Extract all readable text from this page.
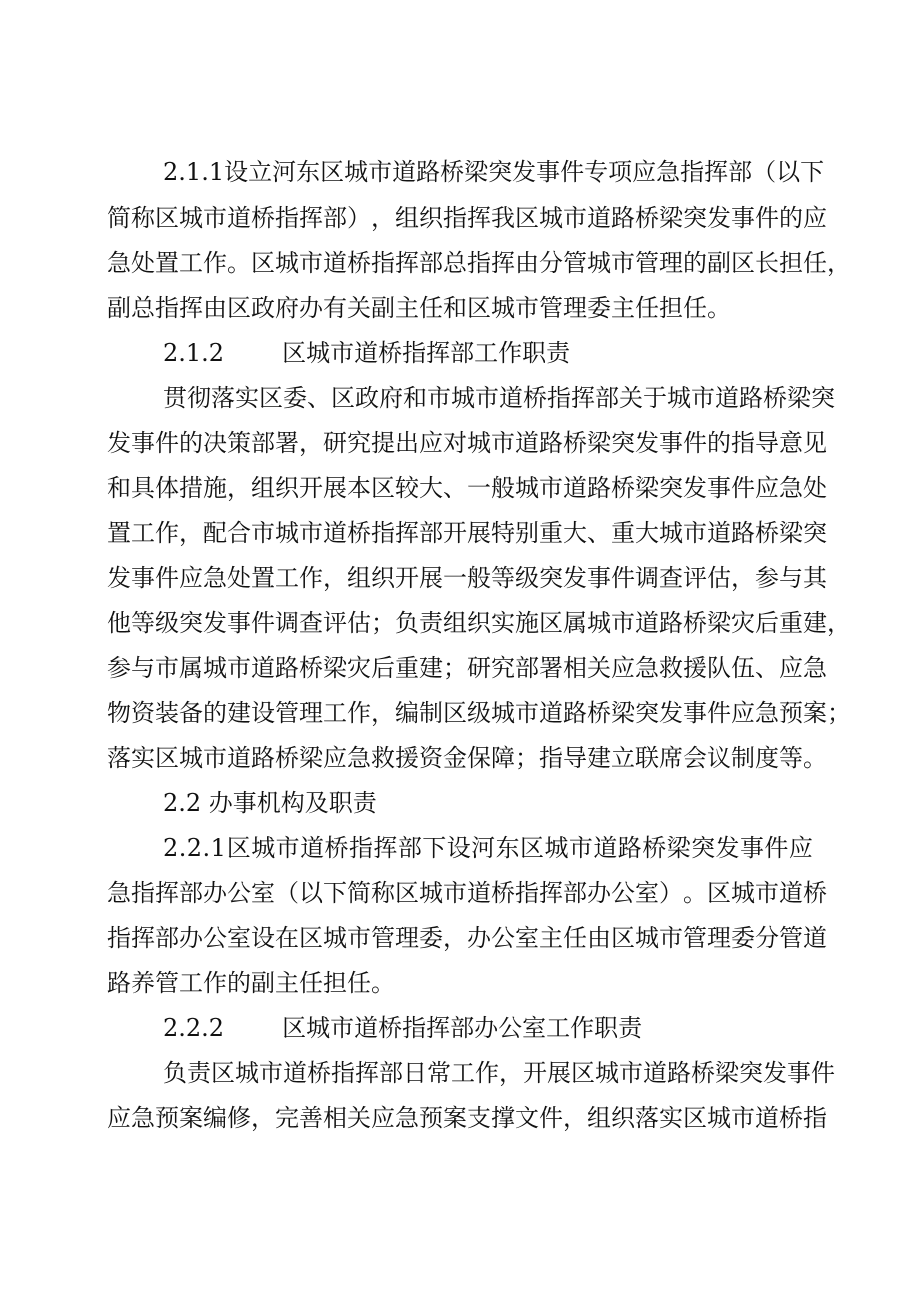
2 . 1 . 1 设 立 河 东 区 城 市 道 路 桥 梁 突 发 事 件 专 项 应 急 指 挥 部 （ 以 下
简 称 区 城 市 道 桥 指 挥 部 ） ， 组 织 指 挥 我 区 城 市 道 路 桥 梁 突 发 事 件 的 应
急 处 置 工 作 。 区 城 市 道 桥 指 挥 部 总 指 挥 由 分 管 城 市 管 理 的 副 区 长 担 任 ，
副总指挥由区政府办有关副主任和区城市管理委主任担任。
2.1.2 区城市道桥指挥部工作职责
贯 彻 落 实 区 委 、 区 政 府 和 市 城 市 道 桥 指 挥 部 关 于 城 市 道 路 桥 梁 突
发 事 件 的 决 策 部 署 ， 研 究 提 出 应 对 城 市 道 路 桥 梁 突 发 事 件 的 指 导 意 见
和 具 体 措 施 ， 组 织 开 展 本 区 较 大 、 一 般 城 市 道 路 桥 梁 突 发 事 件 应 急 处
置 工 作 ， 配 合 市 城 市 道 桥 指 挥 部 开 展 特 别 重 大 、 重 大 城 市 道 路 桥 梁 突
发 事 件 应 急 处 置 工 作 ， 组 织 开 展 一 般 等 级 突 发 事 件 调 查 评 估 ， 参 与 其
他 等 级 突 发 事 件 调 查 评 估 ； 负 责 组 织 实 施 区 属 城 市 道 路 桥 梁 灾 后 重 建 ，
参 与 市 属 城 市 道 路 桥 梁 灾 后 重 建 ； 研 究 部 署 相 关 应 急 救 援 队 伍 、 应 急
物 资 装 备 的 建 设 管 理 工 作 ， 编 制 区 级 城 市 道 路 桥 梁 突 发 事 件 应 急 预 案 ；
落 实 区 城 市 道 路 桥 梁 应 急 救 援 资 金 保 障 ； 指 导 建 立 联 席 会 议 制 度 等 。
2.2 办事机构及职责
2 . 2 . 1 区 城 市 道 桥 指 挥 部 下 设 河 东 区 城 市 道 路 桥 梁 突 发 事 件 应
急 指 挥 部 办 公 室 （ 以 下 简 称 区 城 市 道 桥 指 挥 部 办 公 室 ） 。 区 城 市 道 桥
指 挥 部 办 公 室 设 在 区 城 市 管 理 委 ， 办 公 室 主 任 由 区 城 市 管 理 委 分 管 道
路养管工作的副主任担任。
2.2.2 区城市道桥指挥部办公室工作职责
负 责 区 城 市 道 桥 指 挥 部 日 常 工 作 ， 开 展 区 城 市 道 路 桥 梁 突 发 事 件
应 急 预 案 编 修 ， 完 善 相 关 应 急 预 案 支 撑 文 件 ， 组 织 落 实 区 城 市 道 桥 指
